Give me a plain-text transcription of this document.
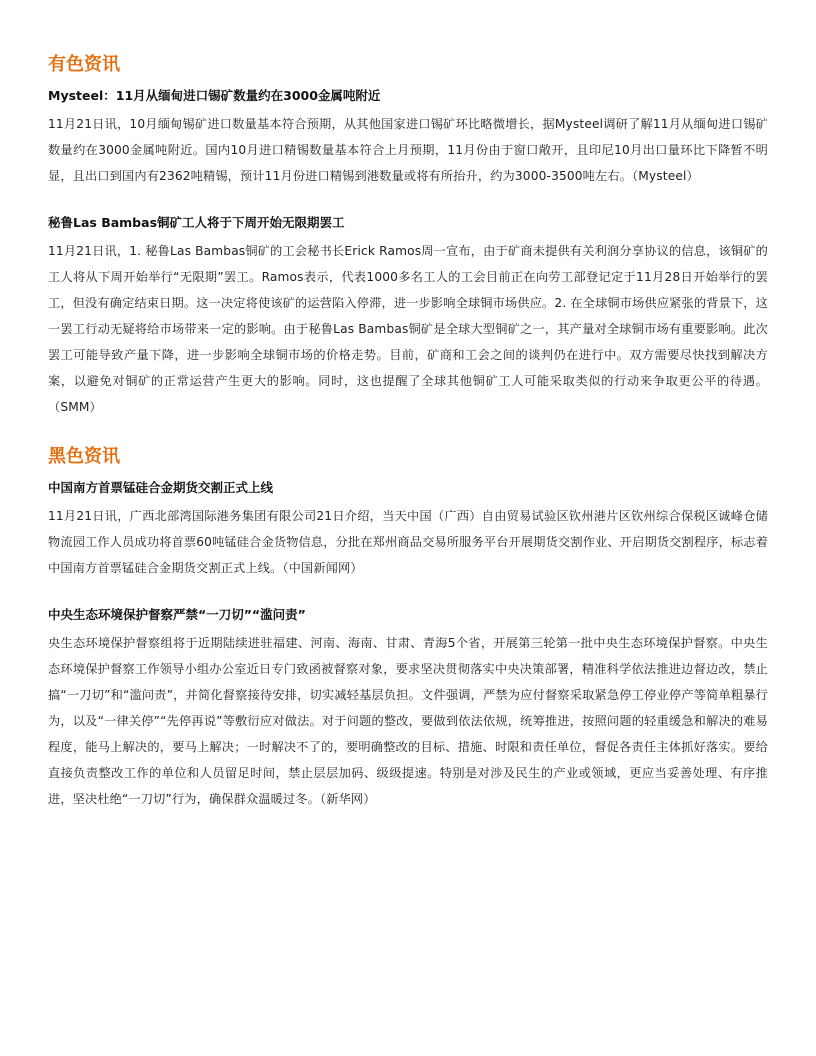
有色资讯
Mysteel：11月从缅甸进口锡矿数量约在3000金属吨附近

11月21日讯，10月缅甸锡矿进口数量基本符合预期，从其他国家进口锡矿环比略微增长，据Mysteel调研了解11月从缅甸进口锡矿数量约在3000金属吨附近。国内10月进口精锡数量基本符合上月预期，11月份由于窗口敞开，且印尼10月出口量环比下降暂不明显，且出口到国内有2362吨精锡，预计11月份进口精锡到港数量或将有所抬升，约为3000-3500吨左右。（Mysteel）

秘鲁Las Bambas铜矿工人将于下周开始无限期罢工

11月21日讯，1. 秘鲁Las Bambas铜矿的工会秘书长Erick Ramos周一宣布，由于矿商未提供有关利润分享协议的信息，该铜矿的工人将从下周开始举行“无限期”罢工。Ramos表示，代表1000多名工人的工会目前正在向劳工部登记定于11月28日开始举行的罢工，但没有确定结束日期。这一决定将使该矿的运营陷入停滞，进一步影响全球铜市场供应。2. 在全球铜市场供应紧张的背景下，这一罢工行动无疑将给市场带来一定的影响。由于秘鲁Las Bambas铜矿是全球大型铜矿之一，其产量对全球铜市场有重要影响。此次罢工可能导致产量下降，进一步影响全球铜市场的价格走势。目前，矿商和工会之间的谈判仍在进行中。双方需要尽快找到解决方案，以避免对铜矿的正常运营产生更大的影响。同时，这也提醒了全球其他铜矿工人可能采取类似的行动来争取更公平的待遇。（SMM）

黑色资讯
中国南方首票锰硅合金期货交割正式上线

11月21日讯，广西北部湾国际港务集团有限公司21日介绍，当天中国（广西）自由贸易试验区钦州港片区钦州综合保税区诚峰仓储物流园工作人员成功将首票60吨锰硅合金货物信息，分批在郑州商品交易所服务平台开展期货交割作业、开启期货交割程序，标志着中国南方首票锰硅合金期货交割正式上线。（中国新闻网）

中央生态环境保护督察严禁“一刀切”“滥问责”

央生态环境保护督察组将于近期陆续进驻福建、河南、海南、甘肃、青海5个省，开展第三轮第一批中央生态环境保护督察。中央生态环境保护督察工作领导小组办公室近日专门致函被督察对象，要求坚决贯彻落实中央决策部署，精准科学依法推进边督边改，禁止搞“一刀切”和“滥问责”，并简化督察接待安排，切实减轻基层负担。文件强调，严禁为应付督察采取紧急停工停业停产等简单粗暴行为，以及“一律关停”“先停再说”等敷衍应对做法。对于问题的整改，要做到依法依规，统筹推进，按照问题的轻重缓急和解决的难易程度，能马上解决的，要马上解决；一时解决不了的，要明确整改的目标、措施、时限和责任单位，督促各责任主体抓好落实。要给直接负责整改工作的单位和人员留足时间，禁止层层加码、级级提速。特别是对涉及民生的产业或领域，更应当妥善处理、有序推进，坚决杜绝“一刀切”行为，确保群众温暖过冬。（新华网）
